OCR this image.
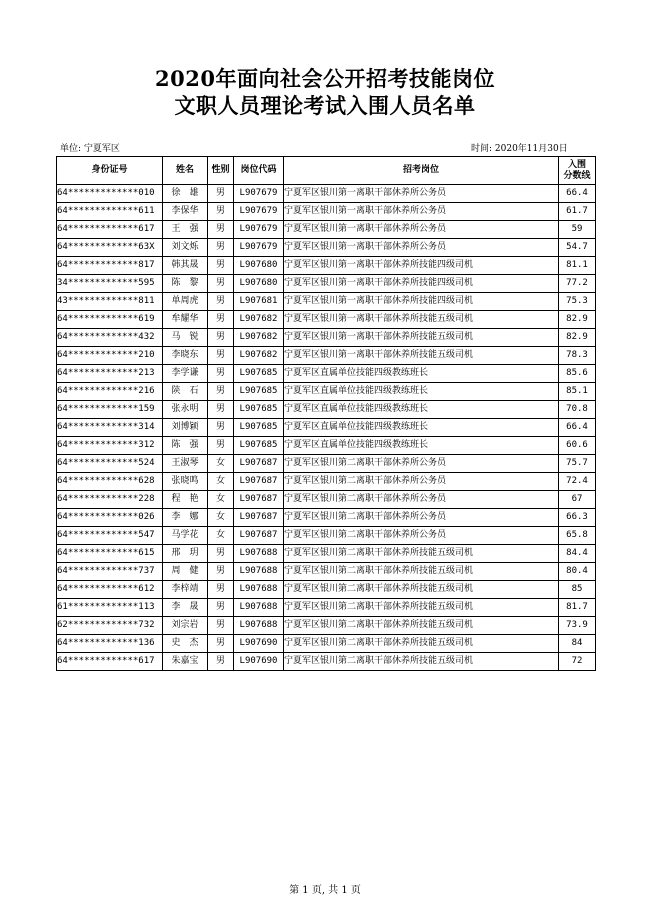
2020年面向社会公开招考技能岗位
文职人员理论考试入围人员名单
单位: 宁夏军区	时间: 2020年11月30日
身份证号	姓名	性别	岗位代码	招考岗位	入围
分数线
64*************010	徐　雄	男	L907679	宁夏军区银川第一离职干部休养所公务员	66.4
64*************611	李保华	男	L907679	宁夏军区银川第一离职干部休养所公务员	61.7
64*************617	王　强	男	L907679	宁夏军区银川第一离职干部休养所公务员	59
64*************63X	刘文烁	男	L907679	宁夏军区银川第一离职干部休养所公务员	54.7
64*************817	韩其晟	男	L907680	宁夏军区银川第一离职干部休养所技能四级司机	81.1
34*************595	陈　黎	男	L907680	宁夏军区银川第一离职干部休养所技能四级司机	77.2
43*************811	单周虎	男	L907681	宁夏军区银川第一离职干部休养所技能四级司机	75.3
64*************619	牟耀华	男	L907682	宁夏军区银川第一离职干部休养所技能五级司机	82.9
64*************432	马　锐	男	L907682	宁夏军区银川第一离职干部休养所技能五级司机	82.9
64*************210	李晓东	男	L907682	宁夏军区银川第一离职干部休养所技能五级司机	78.3
64*************213	李学谦	男	L907685	宁夏军区直属单位技能四级教练班长	85.6
64*************216	陕　石	男	L907685	宁夏军区直属单位技能四级教练班长	85.1
64*************159	张永明	男	L907685	宁夏军区直属单位技能四级教练班长	70.8
64*************314	刘博颖	男	L907685	宁夏军区直属单位技能四级教练班长	66.4
64*************312	陈　强	男	L907685	宁夏军区直属单位技能四级教练班长	60.6
64*************524	王淑琴	女	L907687	宁夏军区银川第二离职干部休养所公务员	75.7
64*************628	张晓鸣	女	L907687	宁夏军区银川第二离职干部休养所公务员	72.4
64*************228	程　艳	女	L907687	宁夏军区银川第二离职干部休养所公务员	67
64*************026	李　娜	女	L907687	宁夏军区银川第二离职干部休养所公务员	66.3
64*************547	马学花	女	L907687	宁夏军区银川第二离职干部休养所公务员	65.8
64*************615	邢　玥	男	L907688	宁夏军区银川第二离职干部休养所技能五级司机	84.4
64*************737	周　健	男	L907688	宁夏军区银川第二离职干部休养所技能五级司机	80.4
64*************612	李梓靖	男	L907688	宁夏军区银川第二离职干部休养所技能五级司机	85
61*************113	李　晟	男	L907688	宁夏军区银川第二离职干部休养所技能五级司机	81.7
62*************732	刘宗岩	男	L907688	宁夏军区银川第二离职干部休养所技能五级司机	73.9
64*************136	史　杰	男	L907690	宁夏军区银川第二离职干部休养所技能五级司机	84
64*************617	朱嘉宝	男	L907690	宁夏军区银川第二离职干部休养所技能五级司机	72
第 1 页, 共 1 页
